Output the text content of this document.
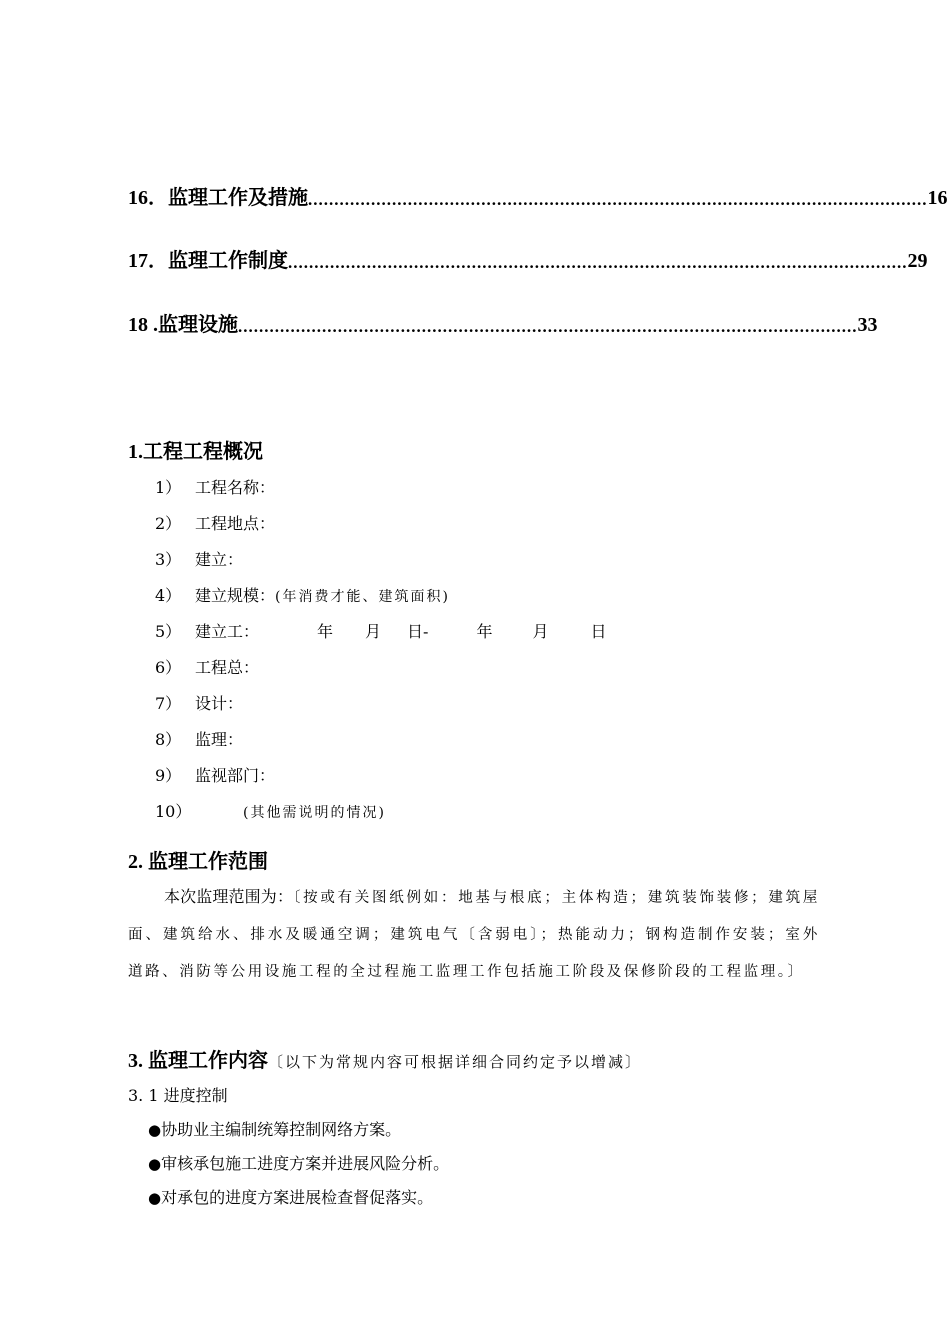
16． 监理工作及措施 ...................................................................................................................... 16
17． 监理工作制度 ...................................................................................................................... 29
18 . 监理设施 ...................................................................................................................... 33
1.工程工程概况
1） 工程名称：
2） 工程地点：
3） 建立：
4） 建立规模：(年消费才能、建筑面积)
5） 建立工：	年 月 日-	年	月	日
6） 工程总：
7） 设计：
8） 监理：
9） 监视部门：
10）	(其他需说明的情况)
2. 监理工作范围
本次监理范围为：〔按或有关图纸例如：地基与根底；主体构造；建筑装饰装修；建筑屋面、建筑给水、排水及暖通空调；建筑电气〔含弱电〕；热能动力；钢构造制作安装；室外道路、消防等公用设施工程的全过程施工监理工作包括施工阶段及保修阶段的工程监理。〕
3. 监理工作内容〔以下为常规内容可根据详细合同约定予以增减〕
3. 1 进度控制
●协助业主编制统筹控制网络方案。
●审核承包施工进度方案并进展风险分析。
●对承包的进度方案进展检查督促落实。
